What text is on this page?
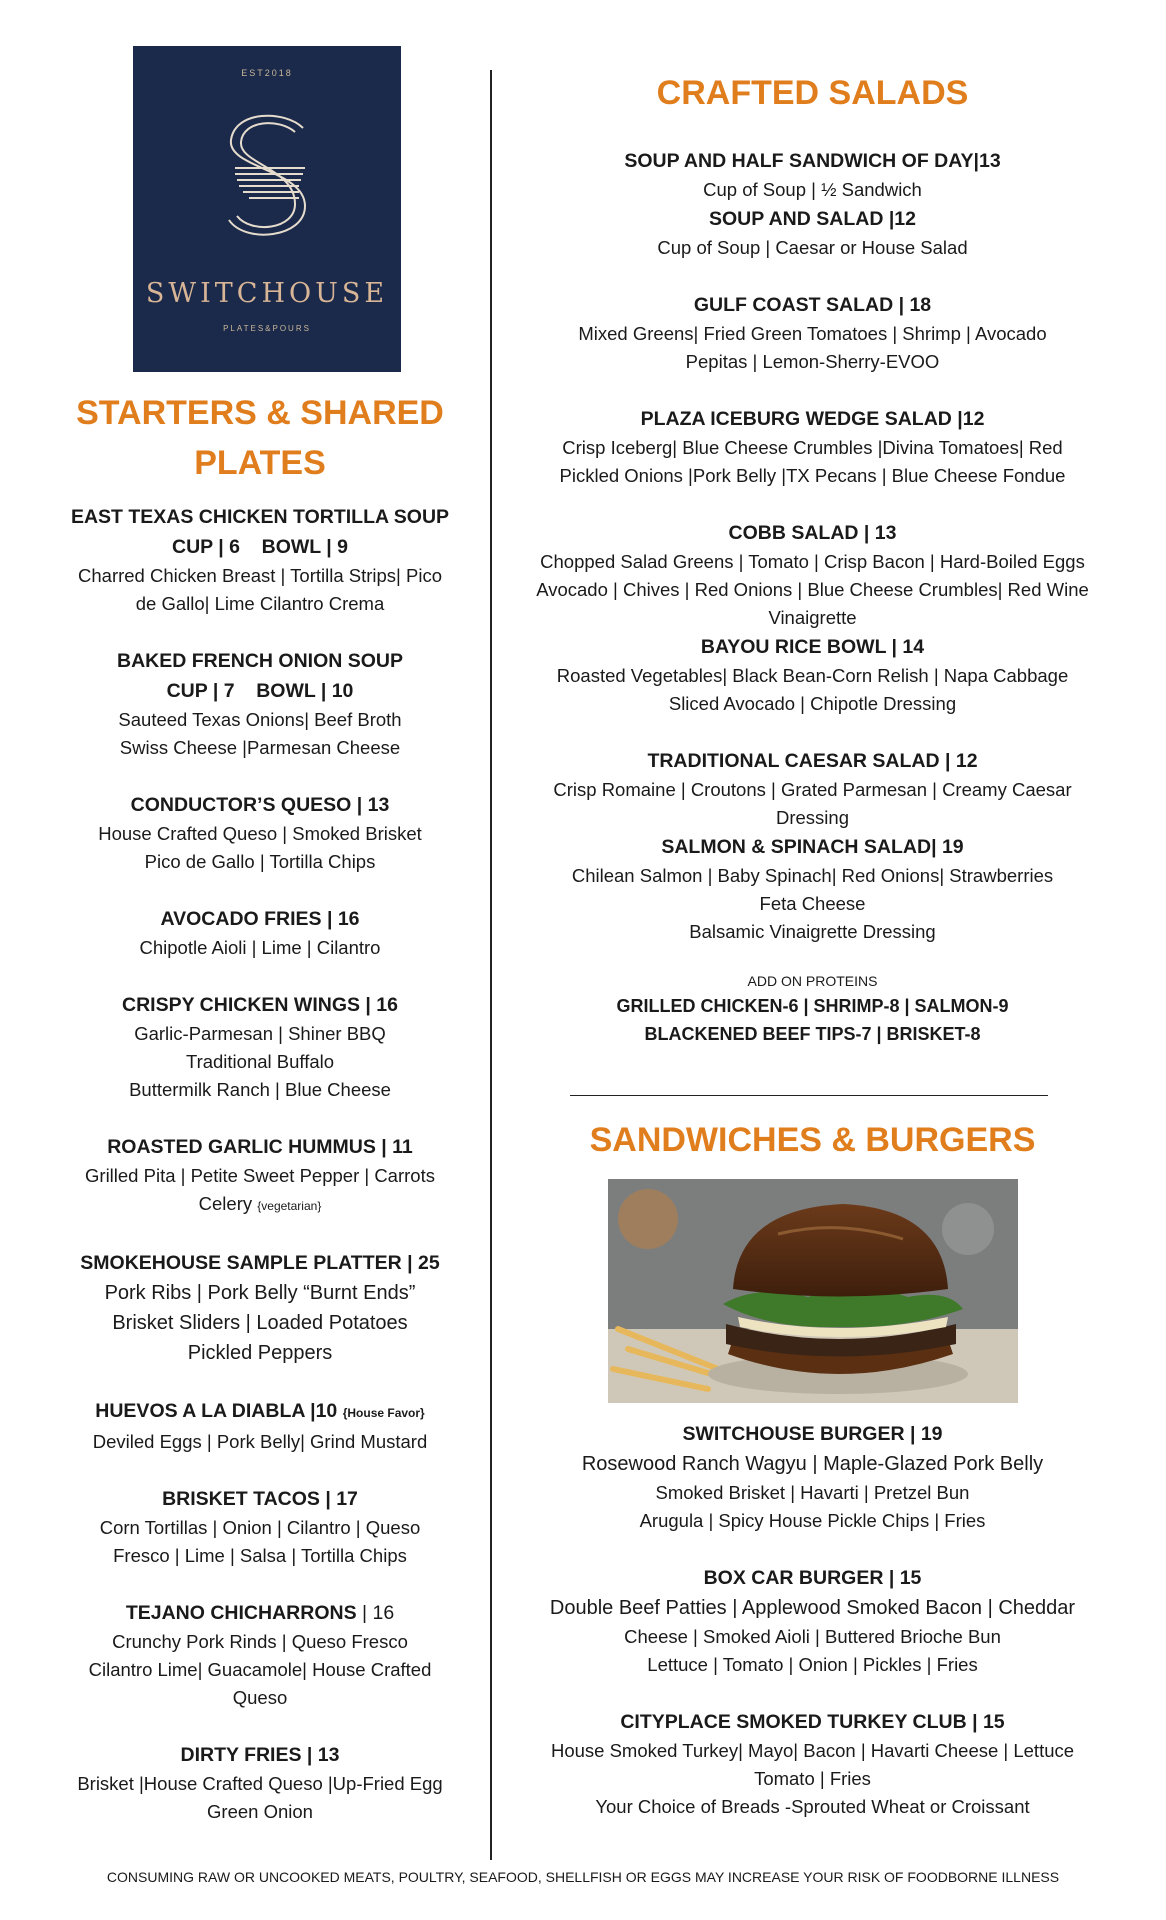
EST2018
SWITCHOUSE
PLATES&POURS
STARTERS & SHARED
PLATES
EAST TEXAS CHICKEN TORTILLA SOUP
CUP | 6    BOWL | 9
Charred Chicken Breast | Tortilla Strips| Pico
de Gallo| Lime Cilantro Crema
BAKED FRENCH ONION SOUP
CUP | 7    BOWL | 10
Sauteed Texas Onions| Beef Broth
Swiss Cheese |Parmesan Cheese
CONDUCTOR’S QUESO | 13
House Crafted Queso | Smoked Brisket
Pico de Gallo | Tortilla Chips
AVOCADO FRIES | 16
Chipotle Aioli | Lime | Cilantro
CRISPY CHICKEN WINGS | 16
Garlic-Parmesan | Shiner BBQ
Traditional Buffalo
Buttermilk Ranch | Blue Cheese
ROASTED GARLIC HUMMUS | 11
Grilled Pita | Petite Sweet Pepper | Carrots
Celery {vegetarian}
SMOKEHOUSE SAMPLE PLATTER | 25
Pork Ribs | Pork Belly “Burnt Ends”
Brisket Sliders | Loaded Potatoes
Pickled Peppers
HUEVOS A LA DIABLA |10 {House Favor}
Deviled Eggs | Pork Belly| Grind Mustard
BRISKET TACOS | 17
Corn Tortillas | Onion | Cilantro | Queso
Fresco | Lime | Salsa | Tortilla Chips
TEJANO CHICHARRONS | 16
Crunchy Pork Rinds | Queso Fresco
Cilantro Lime| Guacamole| House Crafted
Queso
DIRTY FRIES | 13
Brisket |House Crafted Queso |Up-Fried Egg
Green Onion
CRAFTED SALADS
SOUP AND HALF SANDWICH OF DAY|13
Cup of Soup | ½ Sandwich
SOUP AND SALAD |12
Cup of Soup | Caesar or House Salad
GULF COAST SALAD | 18
Mixed Greens| Fried Green Tomatoes | Shrimp | Avocado
Pepitas | Lemon-Sherry-EVOO
PLAZA ICEBURG WEDGE SALAD |12
Crisp Iceberg| Blue Cheese Crumbles |Divina Tomatoes| Red
Pickled Onions |Pork Belly |TX Pecans | Blue Cheese Fondue
COBB SALAD | 13
Chopped Salad Greens | Tomato | Crisp Bacon | Hard-Boiled Eggs
Avocado | Chives | Red Onions | Blue Cheese Crumbles| Red Wine
Vinaigrette
BAYOU RICE BOWL | 14
Roasted Vegetables| Black Bean-Corn Relish | Napa Cabbage
Sliced Avocado | Chipotle Dressing
TRADITIONAL CAESAR SALAD | 12
Crisp Romaine | Croutons | Grated Parmesan | Creamy Caesar
Dressing
SALMON & SPINACH SALAD| 19
Chilean Salmon | Baby Spinach| Red Onions| Strawberries
Feta Cheese
Balsamic Vinaigrette Dressing
ADD ON PROTEINS
GRILLED CHICKEN-6 | SHRIMP-8 | SALMON-9
BLACKENED BEEF TIPS-7 | BRISKET-8
SANDWICHES & BURGERS
SWITCHOUSE BURGER | 19
Rosewood Ranch Wagyu | Maple-Glazed Pork Belly
Smoked Brisket | Havarti | Pretzel Bun
Arugula | Spicy House Pickle Chips | Fries
BOX CAR BURGER | 15
Double Beef Patties | Applewood Smoked Bacon | Cheddar
Cheese | Smoked Aioli | Buttered Brioche Bun
Lettuce | Tomato | Onion | Pickles | Fries
CITYPLACE SMOKED TURKEY CLUB | 15
House Smoked Turkey| Mayo| Bacon | Havarti Cheese | Lettuce
Tomato | Fries
Your Choice of Breads -Sprouted Wheat or Croissant
CONSUMING RAW OR UNCOOKED MEATS, POULTRY, SEAFOOD, SHELLFISH OR EGGS MAY INCREASE YOUR RISK OF FOODBORNE ILLNESS
